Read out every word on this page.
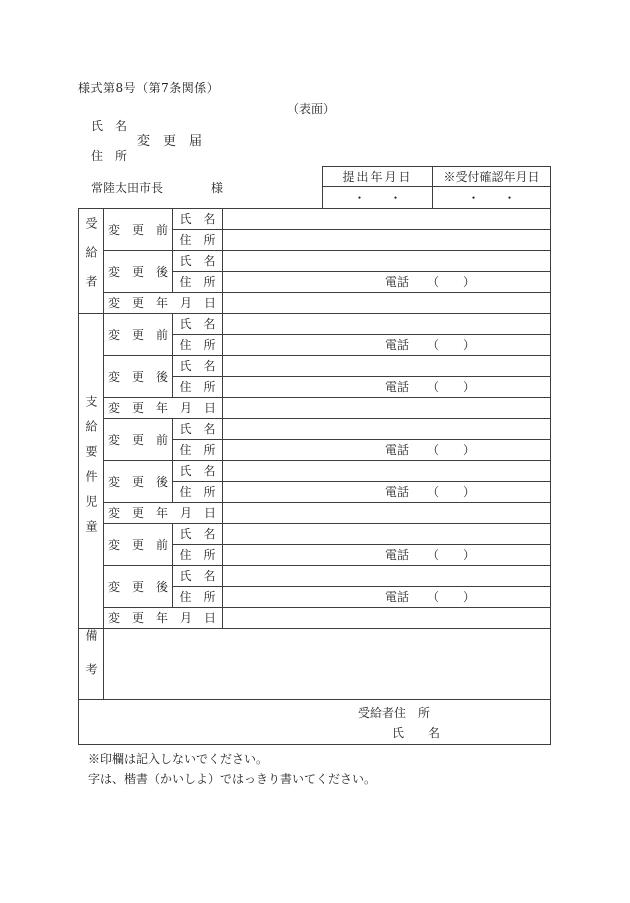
様式第8号（第7条関係）
（表面）
氏　名
変　更　届
住　所
常陸太田市長	様
提出年月日	※受付確認年月日
・　　・	・　　・
受給者	変　更　前	氏　名	
		住　所	
	変　更　後	氏　名	
		住　所	電話　　（　　）
	変　更　年　月　日		
支給要件児童	変　更　前	氏　名	
		住　所	電話　　（　　）
	変　更　後	氏　名	
		住　所	電話　　（　　）
	変　更　年　月　日		
	変　更　前	氏　名	
		住　所	電話　　（　　）
	変　更　後	氏　名	
		住　所	電話　　（　　）
	変　更　年　月　日		
	変　更　前	氏　名	
		住　所	電話　　（　　）
	変　更　後	氏　名	
		住　所	電話　　（　　）
	変　更　年　月　日		
備考			

受給者住　所
氏　　名			
※印欄は記入しないでください。
字は、楷書（かいしよ）ではっきり書いてください。
